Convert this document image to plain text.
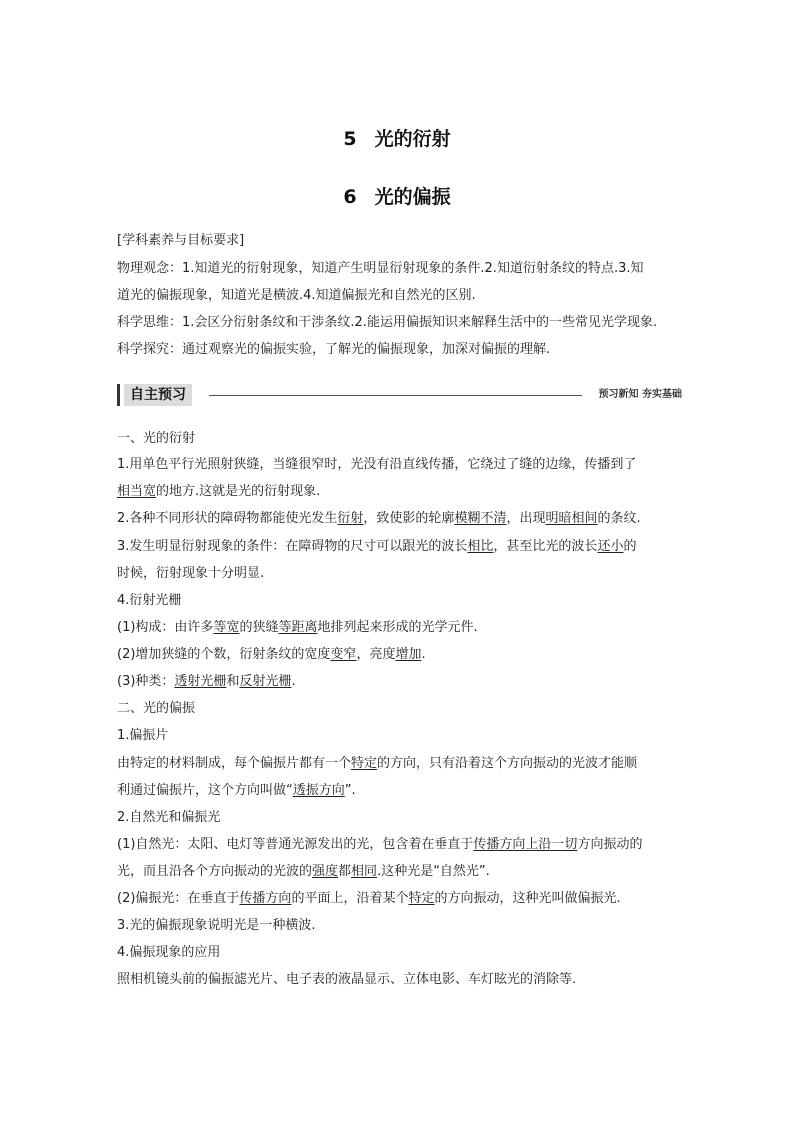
5 光的衍射
6 光的偏振
[学科素养与目标要求]
物理观念：1.知道光的衍射现象，知道产生明显衍射现象的条件.2.知道衍射条纹的特点.3.知
道光的偏振现象，知道光是横波.4.知道偏振光和自然光的区别.
科学思维：1.会区分衍射条纹和干涉条纹.2.能运用偏振知识来解释生活中的一些常见光学现象.
科学探究：通过观察光的偏振实验，了解光的偏振现象，加深对偏振的理解.
自主预习	预习新知 夯实基础
一、光的衍射
1.用单色平行光照射狭缝，当缝很窄时，光没有沿直线传播，它绕过了缝的边缘，传播到了
相当宽的地方.这就是光的衍射现象.
2.各种不同形状的障碍物都能使光发生衍射，致使影的轮廓模糊不清，出现明暗相间的条纹.
3.发生明显衍射现象的条件：在障碍物的尺寸可以跟光的波长相比，甚至比光的波长还小的
时候，衍射现象十分明显.
4.衍射光栅
(1)构成：由许多等宽的狭缝等距离地排列起来形成的光学元件.
(2)增加狭缝的个数，衍射条纹的宽度变窄，亮度增加.
(3)种类：透射光栅和反射光栅.
二、光的偏振
1.偏振片
由特定的材料制成，每个偏振片都有一个特定的方向，只有沿着这个方向振动的光波才能顺
利通过偏振片，这个方向叫做“透振方向”.
2.自然光和偏振光
(1)自然光：太阳、电灯等普通光源发出的光，包含着在垂直于传播方向上沿一切方向振动的
光，而且沿各个方向振动的光波的强度都相同.这种光是“自然光”.
(2)偏振光：在垂直于传播方向的平面上，沿着某个特定的方向振动，这种光叫做偏振光.
3.光的偏振现象说明光是一种横波.
4.偏振现象的应用
照相机镜头前的偏振滤光片、电子表的液晶显示、立体电影、车灯眩光的消除等.
